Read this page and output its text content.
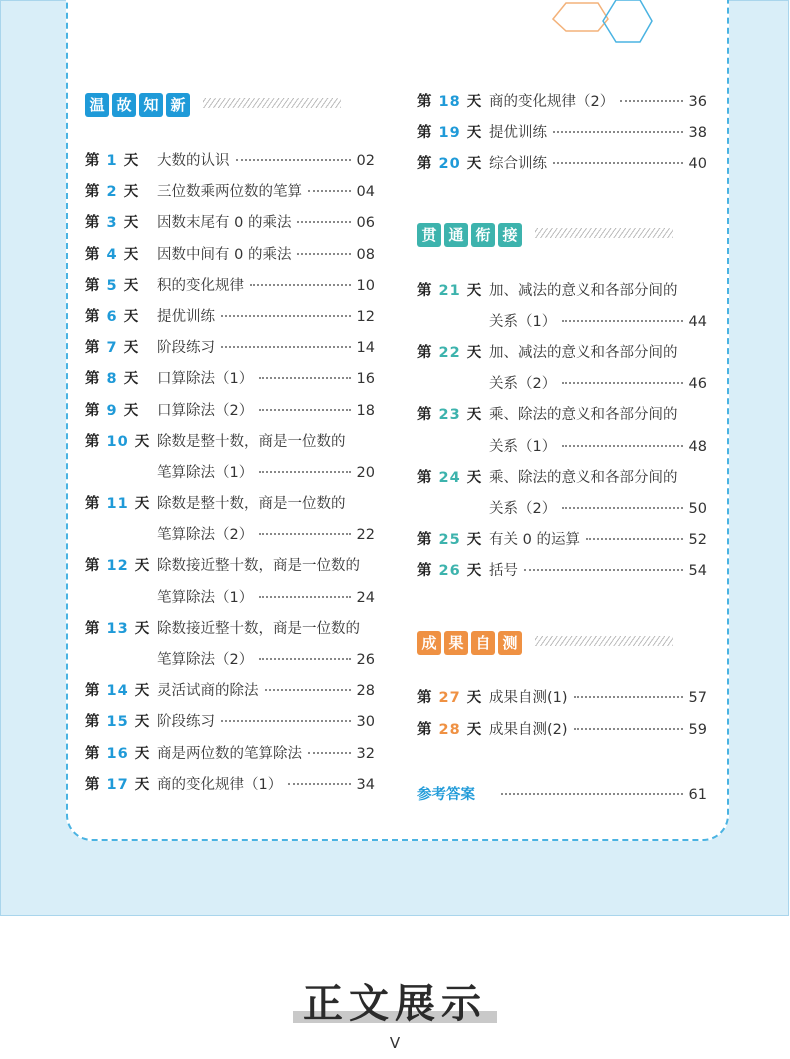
温 故 知 新
第 1 天 大数的认识	02
第 2 天 三位数乘两位数的笔算	04
第 3 天 因数末尾有 0 的乘法	06
第 4 天 因数中间有 0 的乘法	08
第 5 天 积的变化规律	10
第 6 天 提优训练	12
第 7 天 阶段练习	14
第 8 天 口算除法（1）	16
第 9 天 口算除法（2）	18
第 10 天 除数是整十数，商是一位数的
笔算除法（1）	20
第 11 天 除数是整十数，商是一位数的
笔算除法（2）	22
第 12 天 除数接近整十数，商是一位数的
笔算除法（1）	24
第 13 天 除数接近整十数，商是一位数的
笔算除法（2）	26
第 14 天 灵活试商的除法	28
第 15 天 阶段练习	30
第 16 天 商是两位数的笔算除法	32
第 17 天 商的变化规律（1）	34
第 18 天 商的变化规律（2）	36
第 19 天 提优训练	38
第 20 天 综合训练	40
贯 通 衔 接
第 21 天 加、减法的意义和各部分间的
关系（1）	44
第 22 天 加、减法的意义和各部分间的
关系（2）	46
第 23 天 乘、除法的意义和各部分间的
关系（1）	48
第 24 天 乘、除法的意义和各部分间的
关系（2）	50
第 25 天 有关 0 的运算	52
第 26 天 括号	54
成 果 自 测
第 27 天 成果自测(1)	57
第 28 天 成果自测(2)	59
参考答案	61
正文展示
V
